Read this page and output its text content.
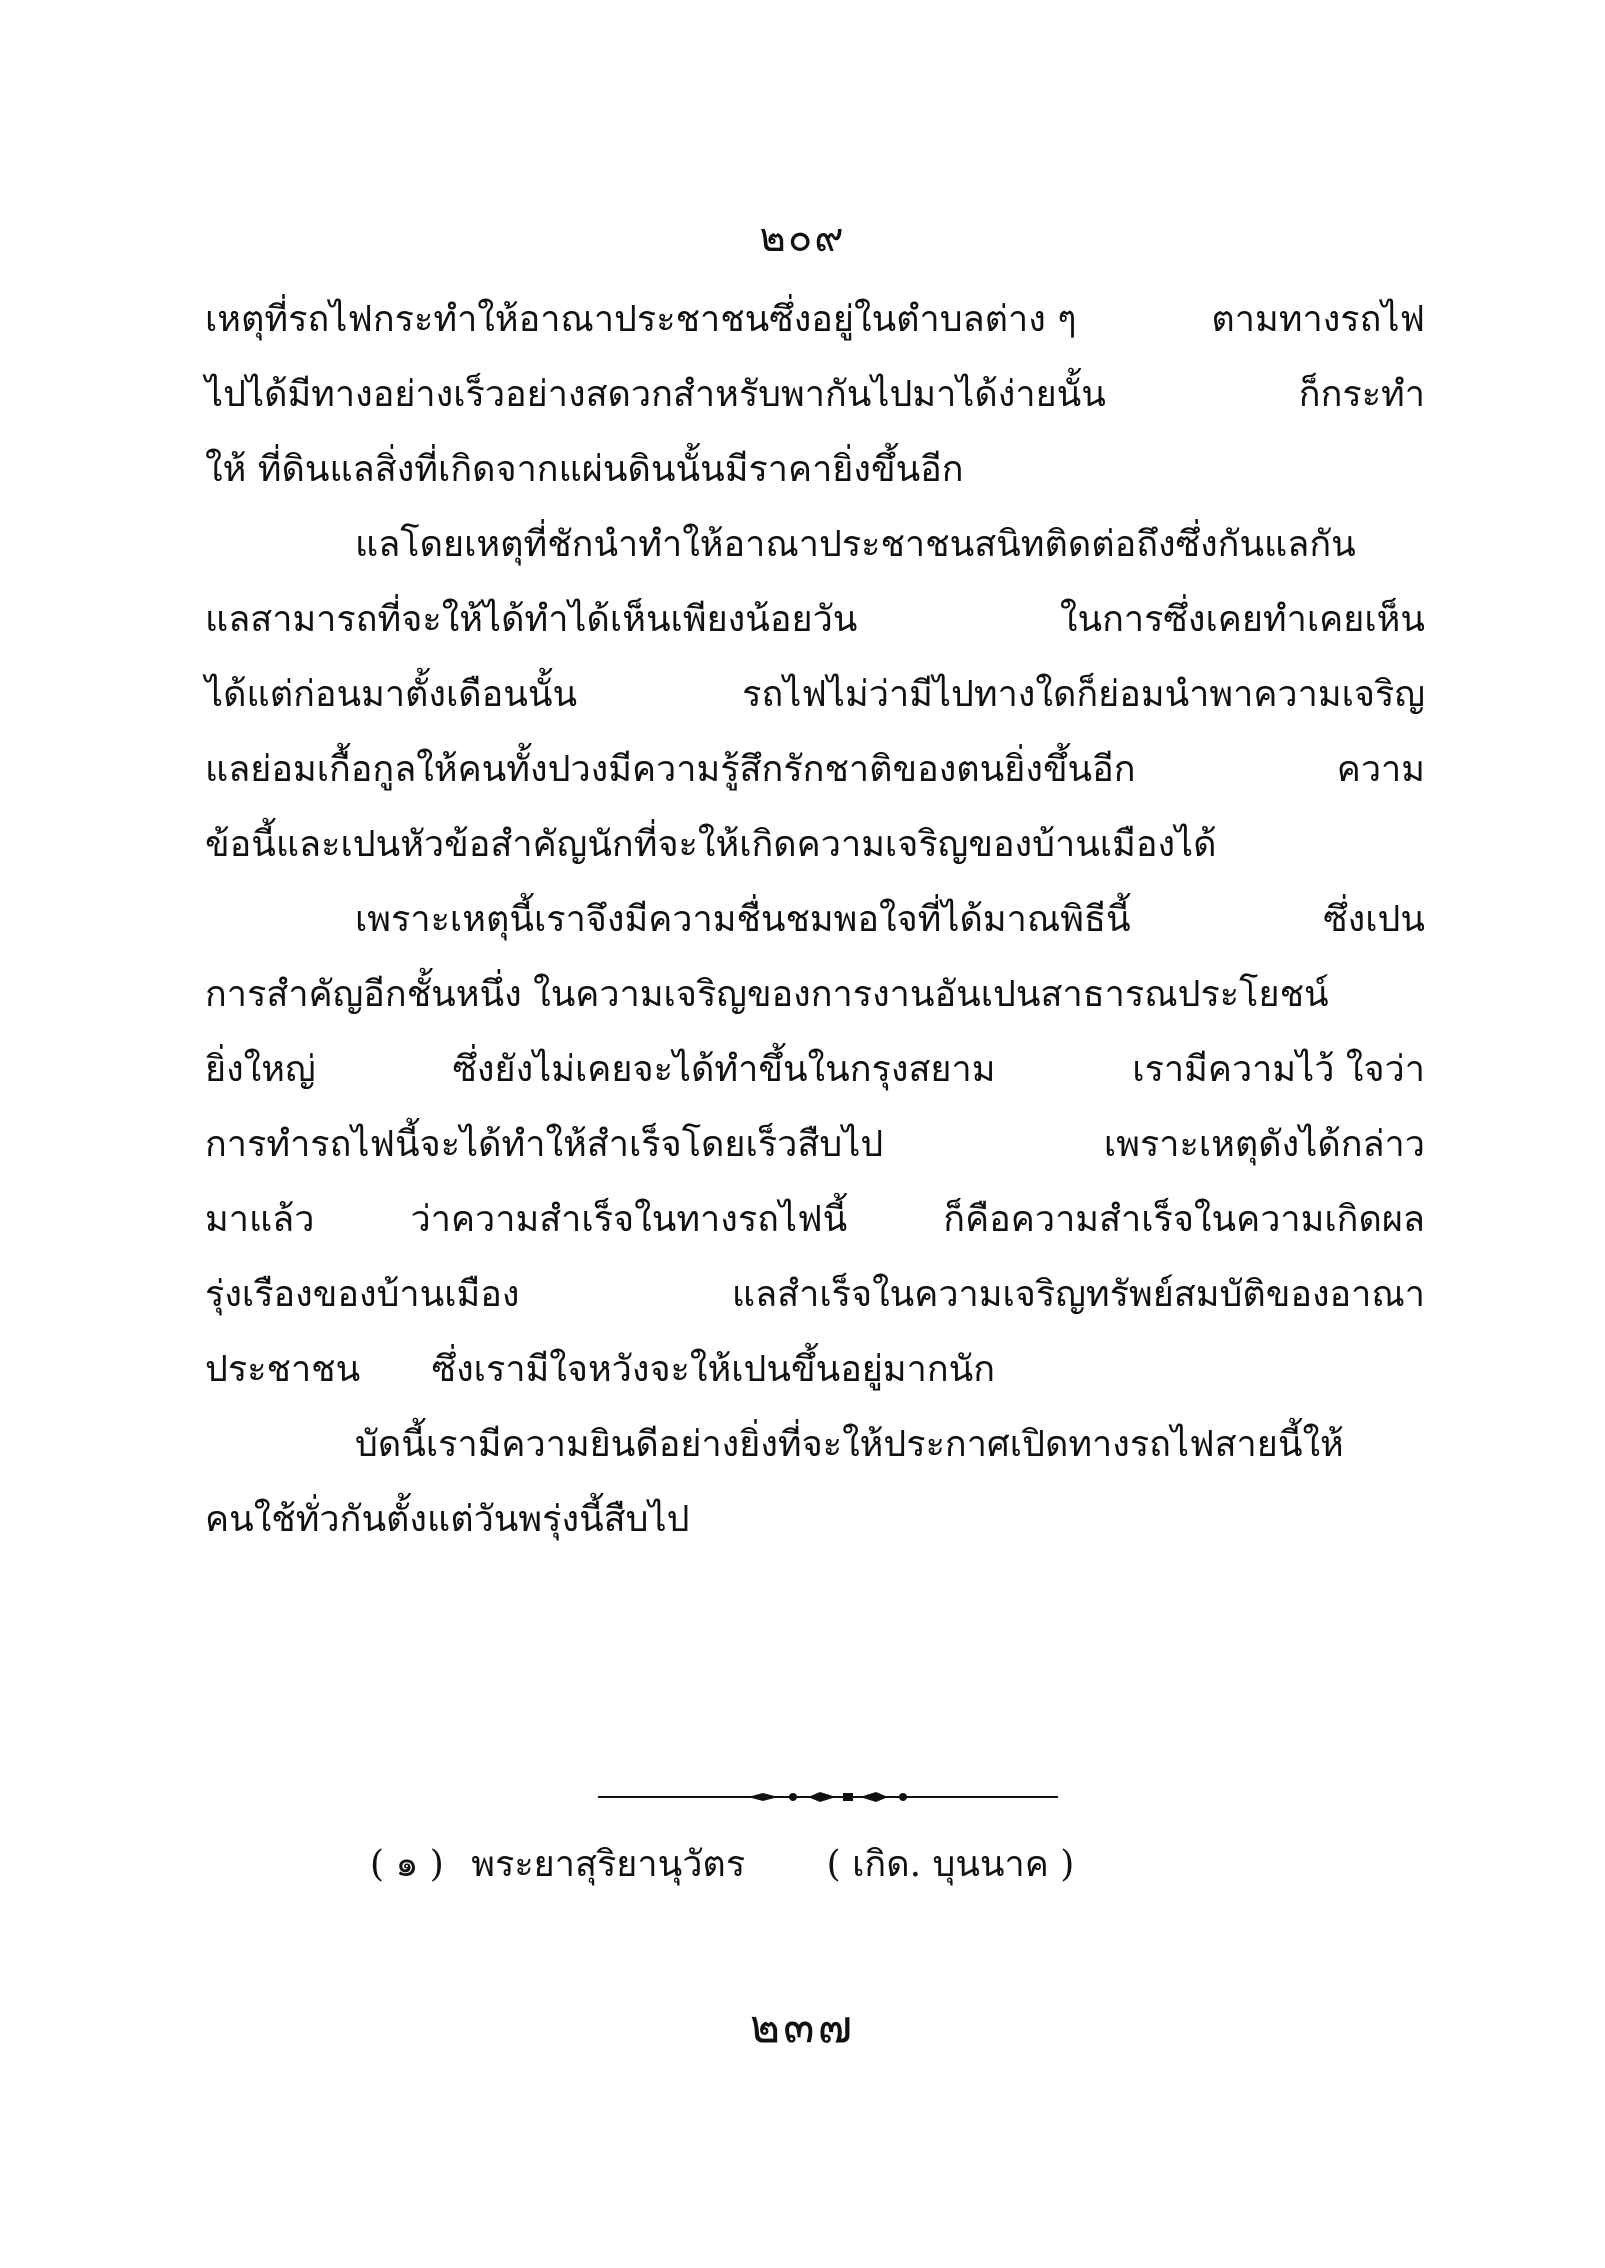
๒๐๙
เหตุที่รถไฟกระทำให้อาณาประชาชนซึ่งอยู่ในตำบลต่าง ๆ	ตามทางรถไฟ
ไปได้มีทางอย่างเร็วอย่างสดวกสำหรับพากันไปมาได้ง่ายนั้น	ก็กระทำ
ให้ ที่ดินแลสิ่งที่เกิดจากแผ่นดินนั้นมีราคายิ่งขึ้นอีก
แลโดยเหตุที่ชักนำทำให้อาณาประชาชนสนิทติดต่อถึงซึ่งกันแลกัน
แลสามารถที่จะให้ได้ทำได้เห็นเพียงน้อยวัน	ในการซึ่งเคยทำเคยเห็น
ได้แต่ก่อนมาตั้งเดือนนั้น	รถไฟไม่ว่ามีไปทางใดก็ย่อมนำพาความเจริญ
แลย่อมเกื้อกูลให้คนทั้งปวงมีความรู้สึกรักชาติของตนยิ่งขึ้นอีก	ความ
ข้อนี้และเปนหัวข้อสำคัญนักที่จะให้เกิดความเจริญของบ้านเมืองได้
เพราะเหตุนี้เราจึงมีความชื่นชมพอใจที่ได้มาณพิธีนี้	ซึ่งเปน
การสำคัญอีกชั้นหนึ่ง ในความเจริญของการงานอันเปนสาธารณประโยชน์
ยิ่งใหญ่	ซึ่งยังไม่เคยจะได้ทำขึ้นในกรุงสยาม	เรามีความไว้ ใจว่า
การทำรถไฟนี้จะได้ทำให้สำเร็จโดยเร็วสืบไป	เพราะเหตุดังได้กล่าว
มาแล้ว	ว่าความสำเร็จในทางรถไฟนี้	ก็คือความสำเร็จในความเกิดผล
รุ่งเรืองของบ้านเมือง	แลสำเร็จในความเจริญทรัพย์สมบัติของอาณา
ประชาชน ซึ่งเรามีใจหวังจะให้เปนขึ้นอยู่มากนัก
บัดนี้เรามีความยินดีอย่างยิ่งที่จะให้ประกาศเปิดทางรถไฟสายนี้ให้
คนใช้ทั่วกันตั้งแต่วันพรุ่งนี้สืบไป
( ๑ ) พระยาสุริยานุวัตร ( เกิด. บุนนาค )
๒๓๗
